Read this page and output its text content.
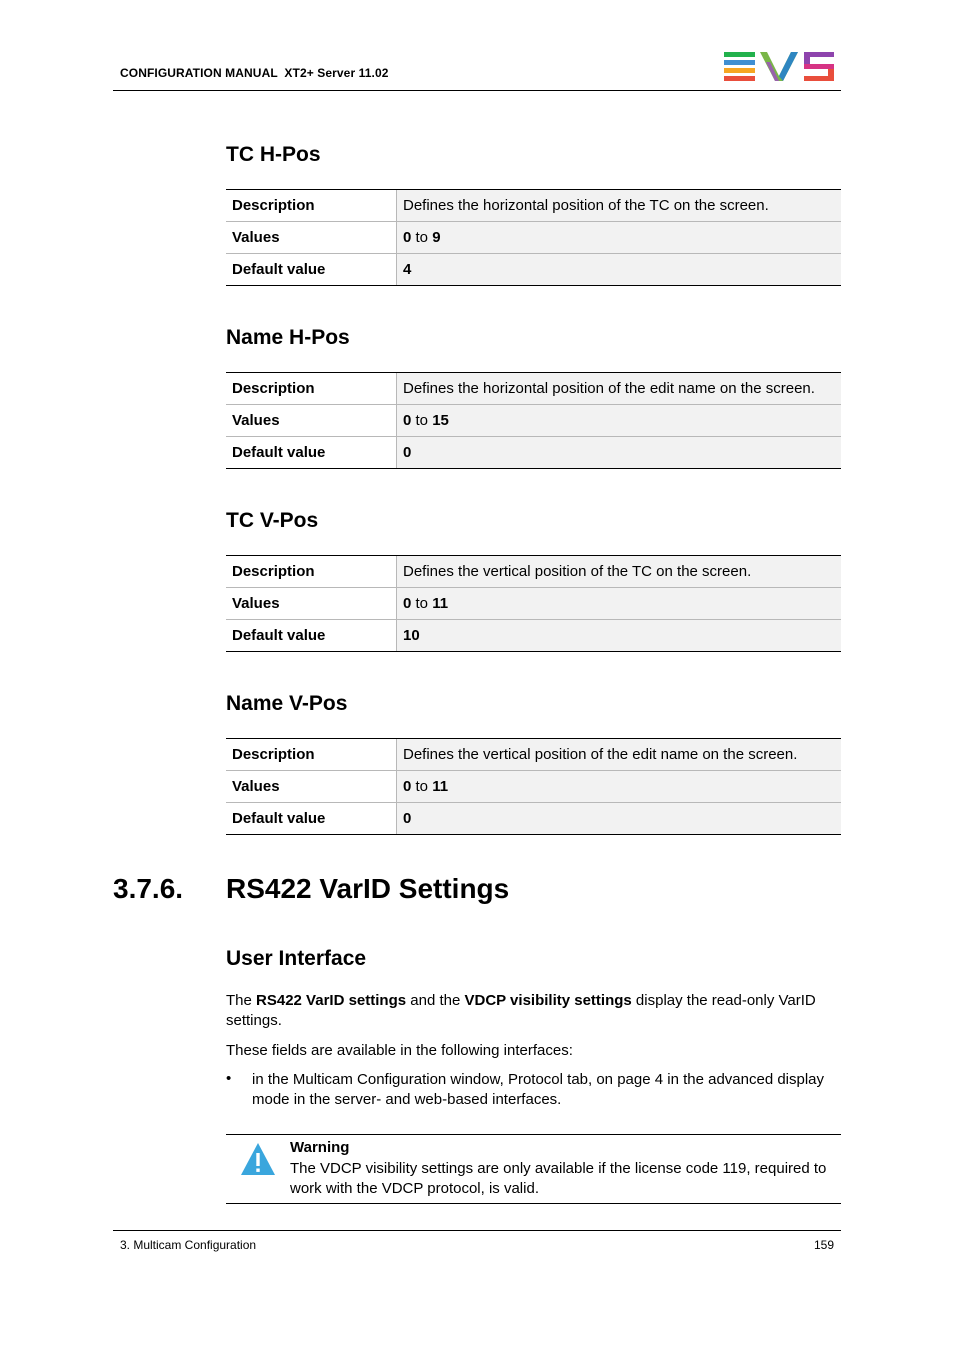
CONFIGURATION MANUAL  XT2+ Server 11.02
TC H-Pos
Description	Defines the horizontal position of the TC on the screen.
Values	0 to 9
Default value	4
Name H-Pos
Description	Defines the horizontal position of the edit name on the screen.
Values	0 to 15
Default value	0
TC V-Pos
Description	Defines the vertical position of the TC on the screen.
Values	0 to 11
Default value	10
Name V-Pos
Description	Defines the vertical position of the edit name on the screen.
Values	0 to 11
Default value	0
3.7.6. RS422 VarID Settings
User Interface
The RS422 VarID settings and the VDCP visibility settings display the read-only VarID settings.
These fields are available in the following interfaces:
• in the Multicam Configuration window, Protocol tab, on page 4 in the advanced display mode in the server- and web-based interfaces.
Warning
The VDCP visibility settings are only available if the license code 119, required to work with the VDCP protocol, is valid.
3. Multicam Configuration	159
